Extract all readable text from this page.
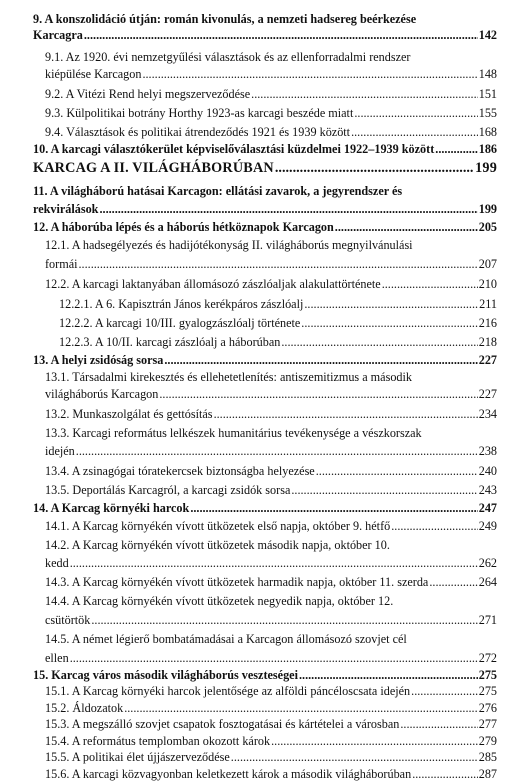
9. A konszolidáció útján: román kivonulás, a nemzeti hadsereg beérkezése
Karcagra .....	142
9.1. Az 1920. évi nemzetgyűlési választások és az ellenforradalmi rendszer
kiépülése Karcagon .....	148
9.2. A Vitézi Rend helyi megszerveződése .....	151
9.3. Külpolitikai botrány Horthy 1923-as karcagi beszéde miatt .....	155
9.4. Választások és politikai átrendeződés 1921 és 1939 között .....	168
10. A karcagi választókerület képviselőválasztási küzdelmei 1922–1939 között .....	186
KARCAG A II. VILÁGHÁBORÚBAN .....	199
11. A világháború hatásai Karcagon: ellátási zavarok, a jegyrendszer és
rekvirálások .....	199
12. A háborúba lépés és a háborús hétköznapok Karcagon .....	205
12.1. A hadsegélyezés és hadijótékonyság II. világháborús megnyilvánulási
formái .....	207
12.2. A karcagi laktanyában állomásozó zászlóaljak alakulattörténete .....	210
12.2.1. A 6. Kapisztrán János kerékpáros zászlóalj .....	211
12.2.2. A karcagi 10/III. gyalogzászlóalj története .....	216
12.2.3. A 10/II. karcagi zászlóalj a háborúban .....	218
13. A helyi zsidóság sorsa .....	227
13.1. Társadalmi kirekesztés és ellehetetlenítés: antiszemitizmus a második
világháborús Karcagon .....	227
13.2. Munkaszolgálat és gettósítás .....	234
13.3. Karcagi református lelkészek humanitárius tevékenysége a vészkorszak
idején .....	238
13.4. A zsinagógai tóratekercsek biztonságba helyezése .....	240
13.5. Deportálás Karcagról, a karcagi zsidók sorsa .....	243
14. A Karcag környéki harcok .....	247
14.1. A Karcag környékén vívott ütközetek első napja, október 9. hétfő .....	249
14.2. A Karcag környékén vívott ütközetek második napja, október 10.
kedd .....	262
14.3. A Karcag környékén vívott ütközetek harmadik napja, október 11. szerda .....	264
14.4. A Karcag környékén vívott ütközetek negyedik napja, október 12.
csütörtök .....	271
14.5. A német légierő bombatámadásai a Karcagon állomásozó szovjet cél
ellen .....	272
15. Karcag város második világháborús veszteségei .....	275
15.1. A Karcag környéki harcok jelentősége az alföldi páncéloscsata idején .....	275
15.2. Áldozatok .....	276
15.3. A megszálló szovjet csapatok fosztogatásai és kártételei a városban .....	277
15.4. A református templomban okozott károk .....	279
15.5. A politikai élet újjászerveződése .....	285
15.6. A karcagi közvagyonban keletkezett károk a második világháborúban .....	287
